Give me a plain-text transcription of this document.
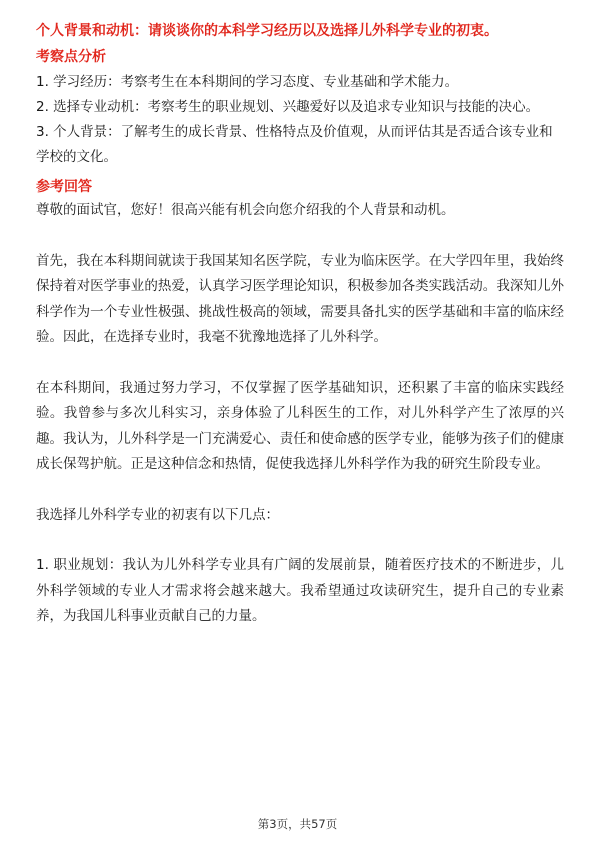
个人背景和动机：请谈谈你的本科学习经历以及选择儿外科学专业的初衷。

考察点分析

1. 学习经历：考察考生在本科期间的学习态度、专业基础和学术能力。

2. 选择专业动机：考察考生的职业规划、兴趣爱好以及追求专业知识与技能的决心。

3. 个人背景：了解考生的成长背景、性格特点及价值观，从而评估其是否适合该专业和学校的文化。

参考回答

尊敬的面试官，您好！很高兴能有机会向您介绍我的个人背景和动机。

首先，我在本科期间就读于我国某知名医学院，专业为临床医学。在大学四年里，我始终保持着对医学事业的热爱，认真学习医学理论知识，积极参加各类实践活动。我深知儿外科学作为一个专业性极强、挑战性极高的领域，需要具备扎实的医学基础和丰富的临床经验。因此，在选择专业时，我毫不犹豫地选择了儿外科学。

在本科期间，我通过努力学习，不仅掌握了医学基础知识，还积累了丰富的临床实践经验。我曾参与多次儿科实习，亲身体验了儿科医生的工作，对儿外科学产生了浓厚的兴趣。我认为，儿外科学是一门充满爱心、责任和使命感的医学专业，能够为孩子们的健康成长保驾护航。正是这种信念和热情，促使我选择儿外科学作为我的研究生阶段专业。

我选择儿外科学专业的初衷有以下几点：

1. 职业规划：我认为儿外科学专业具有广阔的发展前景，随着医疗技术的不断进步，儿外科学领域的专业人才需求将会越来越大。我希望通过攻读研究生，提升自己的专业素养，为我国儿科事业贡献自己的力量。

第3页，共57页
